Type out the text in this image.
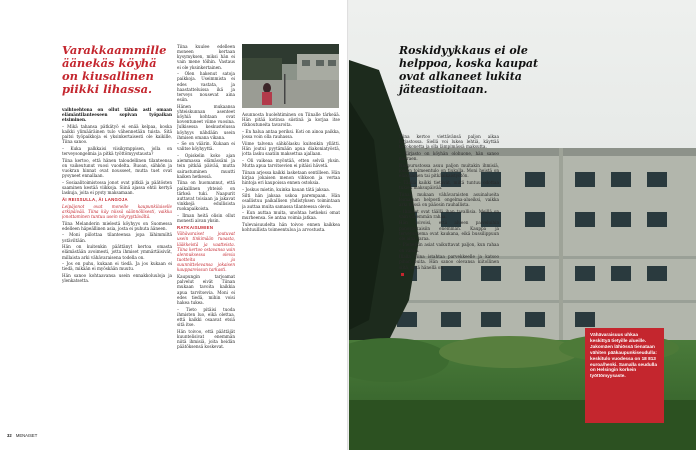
Varakkaammille äänekäs köyhä on kiusallinen piikki lihassa.

vaihtoehtona on ollut tähän asti omaan elämäntilanteeseen sopivan työpaikan etsiminen.

– Mikä tahansa pätkätyö ei enää kelpaa, koska kaikki ylimääräinen tulo vähennetään tuista. Sitä paitsi työpaikkoja ei yksinkertaisesti ole kaikille, Tiina sanoo.

– Kuka palkkaisi viisikymppisen, jolla on terveysongelmia ja pitkä työttömyystausta?

Tiina kertoo, että hänen taloudellinen tilanteensa on vaikeutunut vuosi vuodelta. Ruoan, sähkön ja vuokran hinnat ovat nousseet, mutta tuet ovat pysyneet ennallaan.

– Sosiaalitoimistossa jonot ovat pitkiä ja päätösten saaminen kestää viikkoja. Siinä ajassa ehtii kertyä laskuja, joita ei pysty maksamaan.

ÄI REISSULLA, ÄI LANGOJA

Leipäjonot ovat monelle kaupunkilaiselle arkipäivää. Tiina käy niissä säännöllisesti, vaikka jonottaminen tuntuu usein nöyryyttävältä.

Tiina Melanderin mielestä köyhyys on Suomessa edelleen häpeällinen asia, josta ei puhuta ääneen.

– Moni piilottaa tilanteensa jopa lähimmiltä ystäviltään.

Hän on kuitenkin päättänyt kertoa omasta elämästään avoimesti, jotta ihmiset ymmärtäisivät, millaista arki vähävaraisena todella on.

– Jos en puhu, kukaan ei tiedä. Ja jos kukaan ei tiedä, mikään ei myöskään muutu.

Hän sanoo kohtaavansa usein ennakkoluuloja ja ylenkatsetta.

Tiina kuulee edelleen moneen kertaan kysymyksen, miksi hän ei vain mene töihin. Vastaus ei ole yksinkertainen.

– Olen hakenut satoja paikkoja. Useimmista ei edes vastata, ja haastatteluissa ikä ja terveys nousevat aina esiin.

Hänen mukaansa yhteiskunnan asenteet köyhiä kohtaan ovat koventuneet viime vuosina. Julkisessa keskustelussa köyhyys nähdään usein ihmisen omana vikana.

– Se on väärin. Kukaan ei valitse köyhyyttä.

– Opiskelin koko ajan aiemmassa elämässäni ja tein pitkää päivää, mutta sairastuminen muutti kaiken hetkessä.

Tiina on huomannut, että paikallinen yhteisö on tärkeä tuki. Naapurit auttavat toisiaan ja jakavat vinkkejä edullisista ruokapaikoista.

– Ilman heitä olisin ollut monesti aivan yksin.

RATKAISUMIEN

Vähävaraiset joutuvat usein tinkimään ruoasta, lääkkeistä ja vaatteista. Tiina kertoo ostavansa vain alennuksessa olevia tuotteita ja suunnittelevansa jokaisen kauppareissun tarkasti.

Kaupungin tarjoamat palvelut eivät Tiinan mukaan tavoita kaikkia apua tarvitsevia. Moni ei edes tiedä, mihin voisi hakea tukea.

– Tieto pitäisi tuoda ihmisten luo, eikä olettaa, että kaikki osaavat etsiä sitä itse.

Hän toivoo, että päättäjät kuuntelisivat enemmän niitä ihmisiä, joita heidän päätöksensä koskevat.

Asunnosta huolehtiminen on Tiinalle tärkeää. Hän pitää kotinsa siistinä ja korjaa itse rikkoutuneita tavaroita.

– En halua antaa periksi. Koti on ainoa paikka, jossa voin olla rauhassa.

Viime talvena sähkölasku kuitenkin yllätti. Hän joutui pyytämään apua diakoniatyöstä, jotta lasku saatiin maksettua ajallaan.

– Oli vaikeaa myöntää, etten selviä yksin. Mutta apua tarvitsevien ei pitäisi hävetä.

Tiinan arjessa kaikki lasketaan sentilleen. Hän kirjaa jokaisen menon vihkoon ja vertaa hintoja eri kaupoissa ennen ostoksia.

– Joskus mietin, kuinka kauan tätä jaksaa.

Silti hän jaksaa uskoa parempaan. Hän osallistuu paikallisen yhdistyksen toimintaan ja auttaa muita samassa tilanteessa olevia.

– Kun auttaa muita, unohtaa hetkeksi omat murheensa. Se antaa voimia jatkaa.

Tulevaisuudelta hän toivoo ennen kaikkea kohtuullista toimeentuloa ja arvostusta.

Roskidyykkaus ei ole helppoa, koska kaupat ovat alkaneet lukita jäteastioitaan.

Tiina kertoo viettävänsä paljon aikaa kirjastossa. Siellä voi lukea lehtiä, käyttää tietokonetta ja olla lämpimässä maksutta.

– Kirjasto on köyhän olohuone, hän sanoo nauraen.

Naapurustossa asuu paljon muitakin ihmisiä, joiden toimeentulo on tiukalla. Moni heistä on eläkeläinen tai pitkäaikaistyötön.

– Täällä kaikki tietävät, miltä tuntuu odottaa tukien maksupäivää.

Tiinan mukaan vähävaraisten asuinalueita leimataan helposti ongelma-alueiksi, vaikka arki niissä on pääosin rauhallista.

– Ihmiset ovat täällä ihan tavallisia. Meillä on vain vähemmän rahaa.

Hän toivoisi, että alueen palveluihin panostettaisiin enemmän. Kauppa ja terveysasema ovat kaukana, eikä bussilippuun ole aina varaa.

– Pienetkin asiat vaikuttavat paljon, kun rahaa on vähän.

Illalla Tiina istahtaa parvekkeelle ja katsoo pihan puita. Hän sanoo olevansa kiitollinen siitä, mitä hänellä on.

Vähävaraisuus uhkaa keskittyä tietyille alueille. Jakomäen lähiössä tienataan vähiten pääkaupunkiseudulla: keskitulo vuodessa on 18 813 euroa/henki. Samalla seudulla on Helsingin korkein työttömyysaste.

32 MENAISET
